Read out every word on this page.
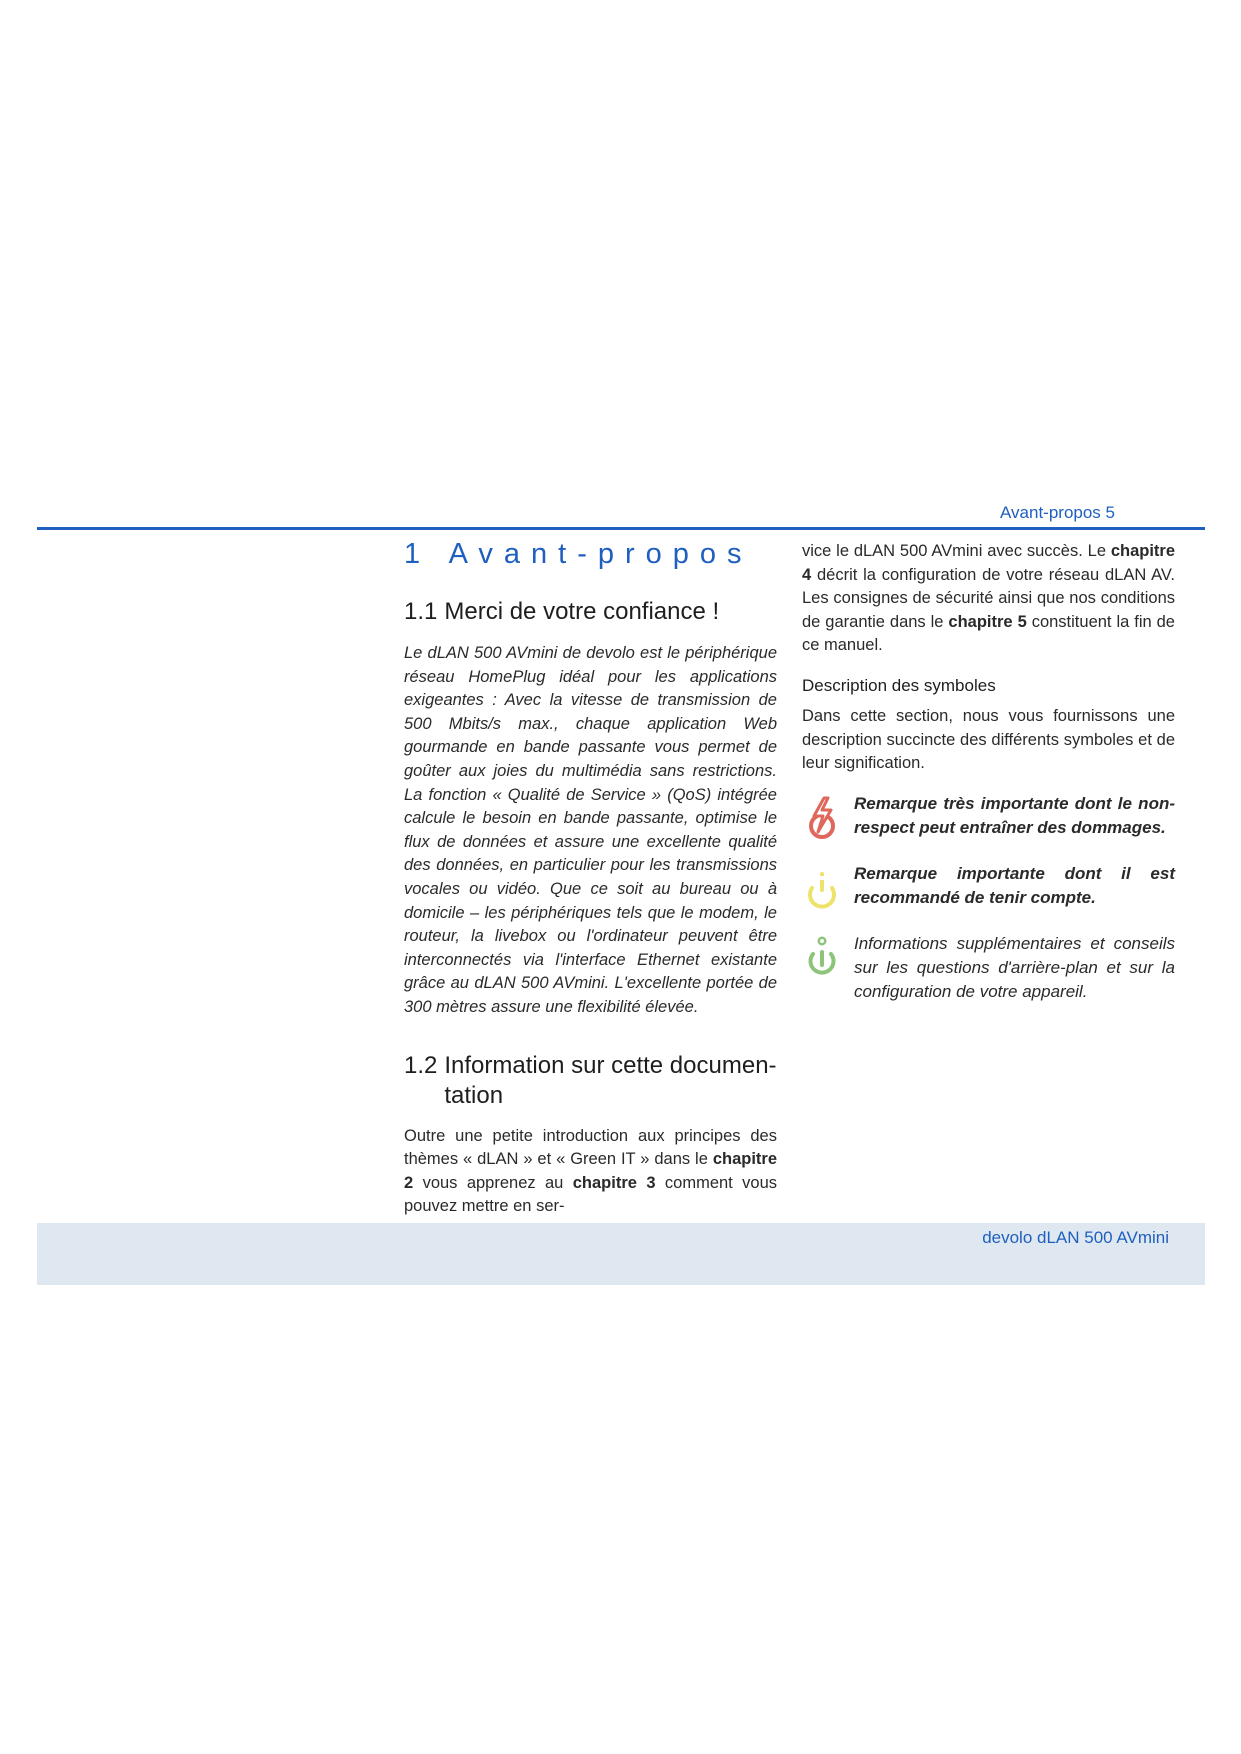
Avant-propos 5
1 Avant-propos
1.1 Merci de votre confiance !

Le dLAN 500 AVmini de devolo est le périphérique réseau HomePlug idéal pour les applications exigeantes : Avec la vitesse de transmission de 500 Mbits/s max., chaque application Web gourmande en bande passante vous permet de goûter aux joies du multimédia sans restrictions. La fonction « Qualité de Service » (QoS) intégrée calcule le besoin en bande passante, optimise le flux de données et assure une excellente qualité des données, en particulier pour les transmissions vocales ou vidéo. Que ce soit au bureau ou à domicile – les périphériques tels que le modem, le routeur, la livebox ou l'ordinateur peuvent être interconnectés via l'interface Ethernet existante grâce au dLAN 500 AVmini. L'excellente portée de 300 mètres assure une flexibilité élevée.

1.2 Information sur cette documen-
tation

Outre une petite introduction aux principes des thèmes « dLAN » et « Green IT » dans le chapitre 2 vous apprenez au chapitre 3 comment vous pouvez mettre en ser-

vice le dLAN 500 AVmini avec succès. Le chapitre 4 décrit la configuration de votre réseau dLAN AV. Les consignes de sécurité ainsi que nos conditions de garantie dans le chapitre 5 constituent la fin de ce manuel.

Description des symboles

Dans cette section, nous vous fournissons une description succincte des différents symboles et de leur signification.

Remarque très importante dont le non-respect peut entraîner des dommages.
Remarque importante dont il est recommandé de tenir compte.
Informations supplémentaires et conseils sur les questions d'arrière-plan et sur la configuration de votre appareil.
devolo dLAN 500 AVmini
